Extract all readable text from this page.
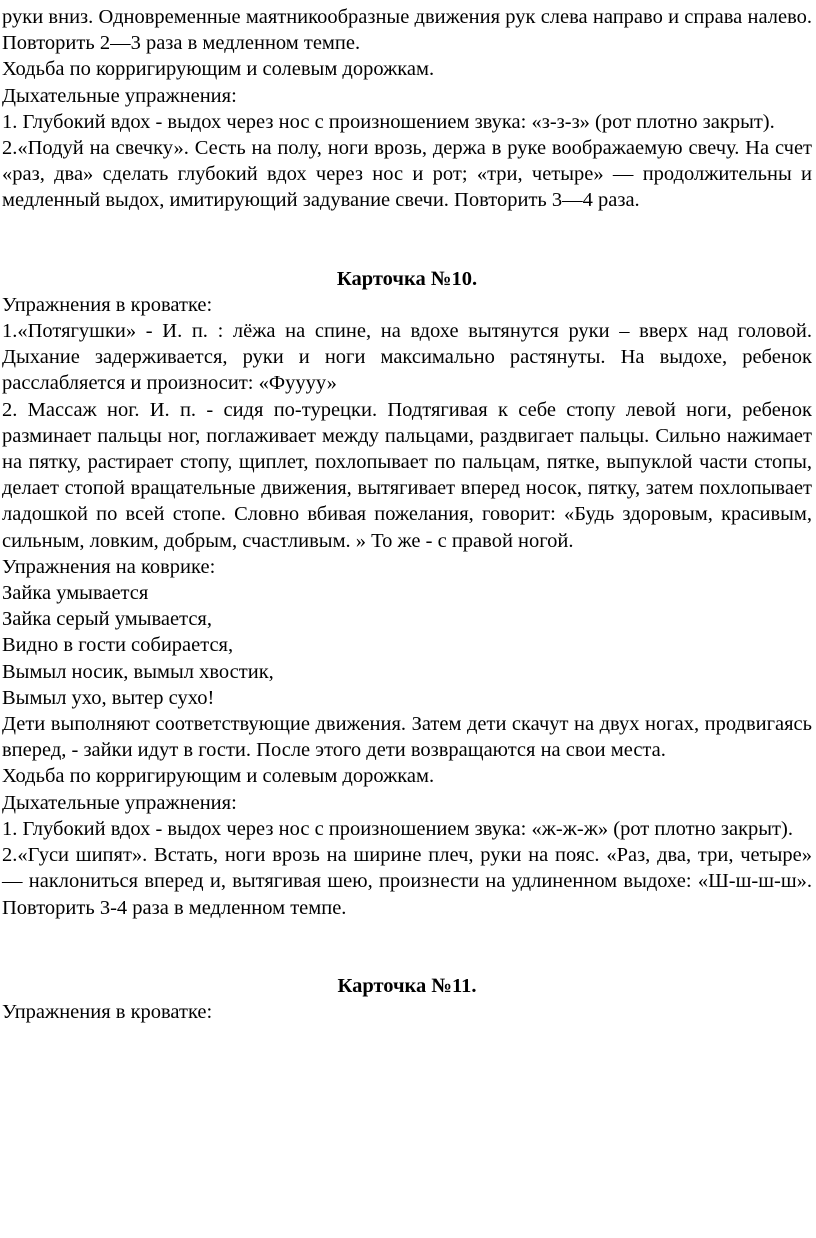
руки вниз. Одновременные маятникообразные движения рук слева направо и справа налево. Повторить 2—3 раза в медленном темпе.

Ходьба по корригирующим и солевым дорожкам.

Дыхательные упражнения:

1. Глубокий вдох - выдох через нос с произношением звука: «з-з-з» (рот плотно закрыт).

2.«Подуй на свечку». Сесть на полу, ноги врозь, держа в руке воображаемую свечу. На счет «раз, два» сделать глубокий вдох через нос и рот; «три, четыре» — продолжительны и медленный выдох, имитирующий задувание свечи. Повторить 3—4 раза.

Карточка №10.

Упражнения в кроватке:

1.«Потягушки» - И. п. : лёжа на спине, на вдохе вытянутся руки – вверх над головой. Дыхание задерживается, руки и ноги максимально растянуты. На выдохе, ребенок расслабляется и произносит: «Фуууу»

2. Массаж ног. И. п. - сидя по-турецки. Подтягивая к себе стопу левой ноги, ребенок разминает пальцы ног, поглаживает между пальцами, раздвигает пальцы. Сильно нажимает на пятку, растирает стопу, щиплет, похлопывает по пальцам, пятке, выпуклой части стопы, делает стопой вращательные движения, вытягивает вперед носок, пятку, затем похлопывает ладошкой по всей стопе. Словно вбивая пожелания, говорит: «Будь здоровым, красивым, сильным, ловким, добрым, счастливым. » То же - с правой ногой.

Упражнения на коврике:

Зайка умывается

Зайка серый умывается,

Видно в гости собирается,

Вымыл носик, вымыл хвостик,

Вымыл ухо, вытер сухо!

Дети выполняют соответствующие движения. Затем дети скачут на двух ногах, продвигаясь вперед, - зайки идут в гости. После этого дети возвращаются на свои места.

Ходьба по корригирующим и солевым дорожкам.

Дыхательные упражнения:

1. Глубокий вдох - выдох через нос с произношением звука: «ж-ж-ж» (рот плотно закрыт).

2.«Гуси шипят». Встать, ноги врозь на ширине плеч, руки на пояс. «Раз, два, три, четыре» — наклониться вперед и, вытягивая шею, произнести на удлиненном выдохе: «Ш-ш-ш-ш». Повторить 3-4 раза в медленном темпе.

Карточка №11.

Упражнения в кроватке:
